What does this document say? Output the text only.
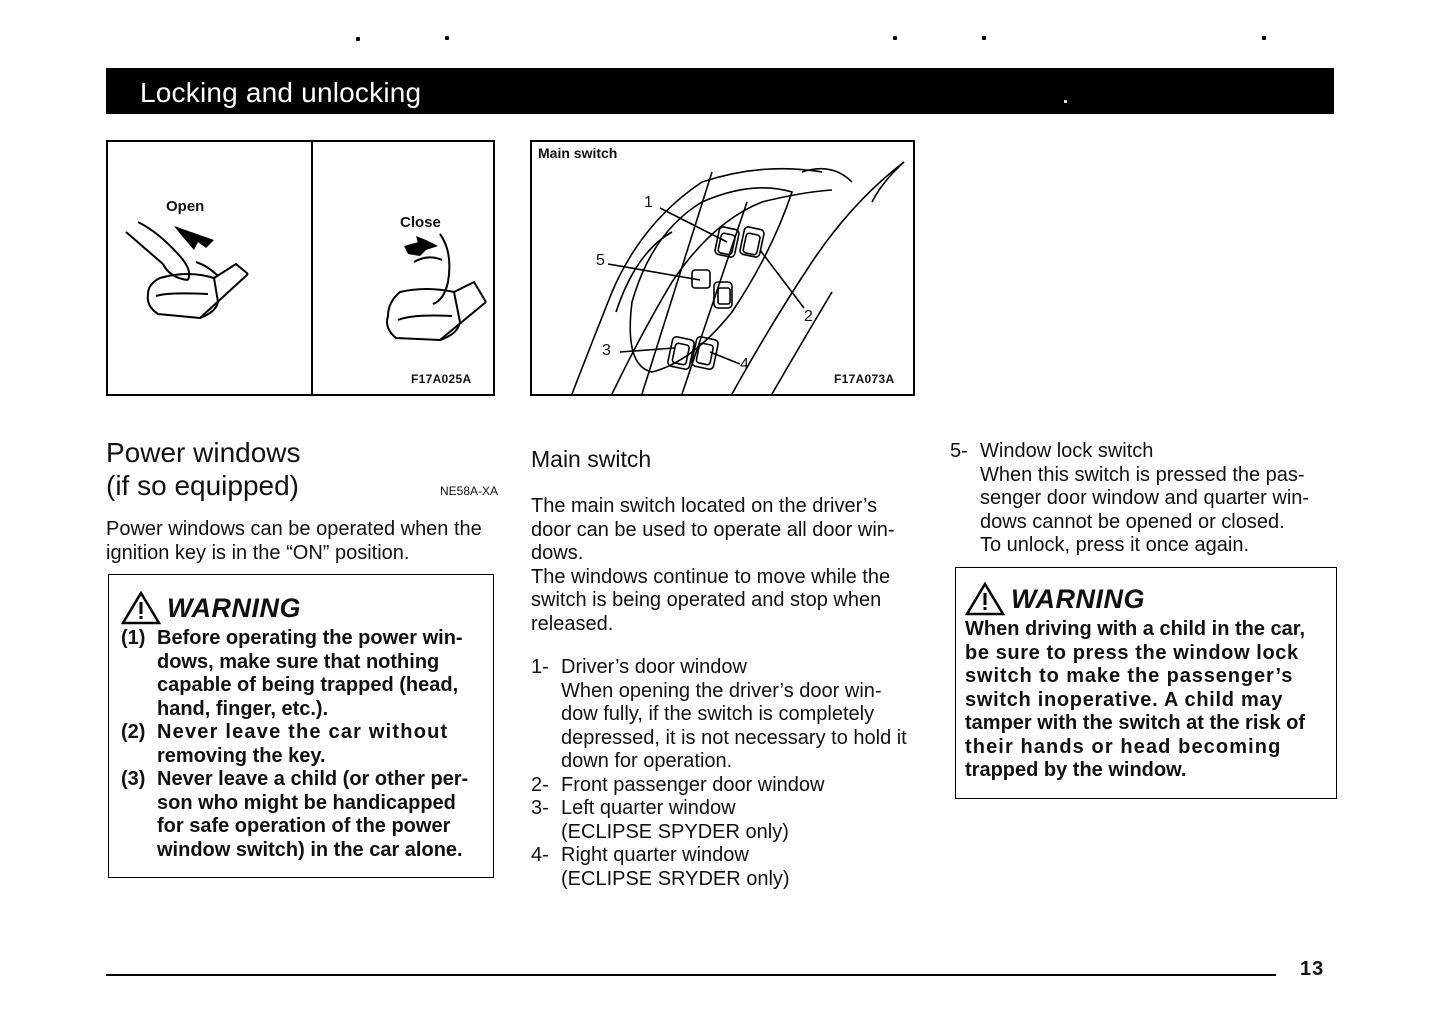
Locking and unlocking
Open
Close
F17A025A
Main switch
1
2
3
4
5
F17A073A
Power windows
(if so equipped)	NE58A-XA
Power windows can be operated when the
ignition key is in the “ON” position.
WARNING
(1) Before operating the power win-
dows, make sure that nothing
capable of being trapped (head,
hand, finger, etc.).
(2) Never leave the car without
removing the key.
(3) Never leave a child (or other per-
son who might be handicapped
for safe operation of the power
window switch) in the car alone.
Main switch
The main switch located on the driver’s
door can be used to operate all door win-
dows.
The windows continue to move while the
switch is being operated and stop when
released.
1- Driver’s door window
When opening the driver’s door win-
dow fully, if the switch is completely
depressed, it is not necessary to hold it
down for operation.
2- Front passenger door window
3- Left quarter window
(ECLIPSE SPYDER only)
4- Right quarter window
(ECLIPSE SRYDER only)
5- Window lock switch
When this switch is pressed the pas-
senger door window and quarter win-
dows cannot be opened or closed.
To unlock, press it once again.
WARNING
When driving with a child in the car,
be sure to press the window lock
switch to make the passenger’s
switch inoperative. A child may
tamper with the switch at the risk of
their hands or head becoming
trapped by the window.
13
